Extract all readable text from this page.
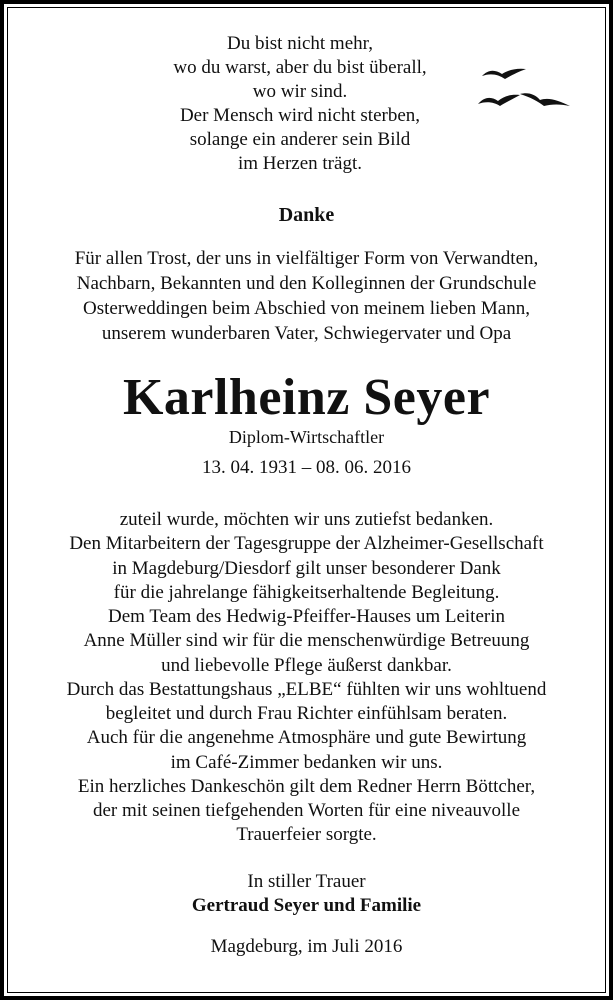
Du bist nicht mehr,
wo du warst, aber du bist überall,
wo wir sind.
Der Mensch wird nicht sterben,
solange ein anderer sein Bild
im Herzen trägt.
Danke
Für allen Trost, der uns in vielfältiger Form von Verwandten,
Nachbarn, Bekannten und den Kolleginnen der Grundschule
Osterweddingen beim Abschied von meinem lieben Mann,
unserem wunderbaren Vater, Schwiegervater und Opa
Karlheinz Seyer
Diplom-Wirtschaftler
13. 04. 1931 – 08. 06. 2016
zuteil wurde, möchten wir uns zutiefst bedanken.
Den Mitarbeitern der Tagesgruppe der Alzheimer-Gesellschaft
in Magdeburg/Diesdorf gilt unser besonderer Dank
für die jahrelange fähigkeitserhaltende Begleitung.
Dem Team des Hedwig-Pfeiffer-Hauses um Leiterin
Anne Müller sind wir für die menschenwürdige Betreuung
und liebevolle Pflege äußerst dankbar.
Durch das Bestattungshaus „ELBE“ fühlten wir uns wohltuend
begleitet und durch Frau Richter einfühlsam beraten.
Auch für die angenehme Atmosphäre und gute Bewirtung
im Café-Zimmer bedanken wir uns.
Ein herzliches Dankeschön gilt dem Redner Herrn Böttcher,
der mit seinen tiefgehenden Worten für eine niveauvolle
Trauerfeier sorgte.
In stiller Trauer
Gertraud Seyer und Familie
Magdeburg, im Juli 2016
